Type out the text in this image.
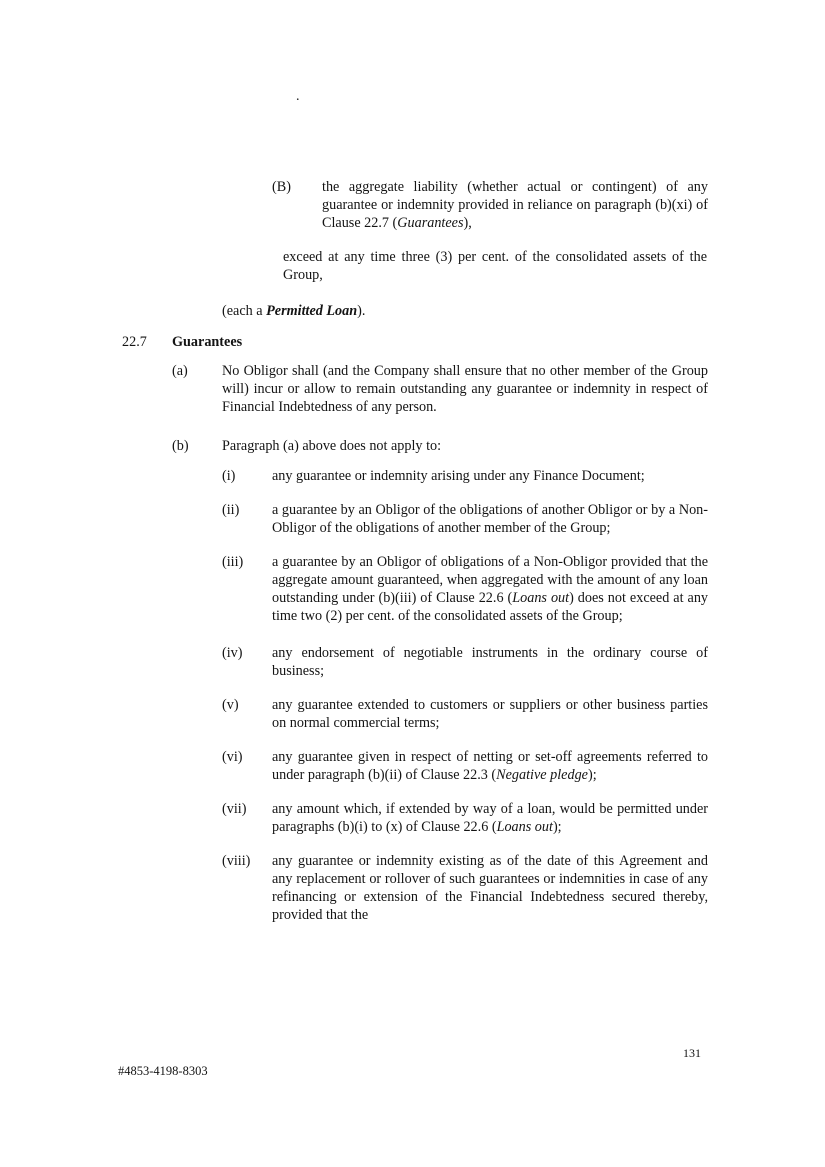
.
(B)	the aggregate liability (whether actual or contingent) of any guarantee or indemnity provided in reliance on paragraph (b)(xi) of Clause 22.7 (Guarantees),
exceed at any time three (3) per cent. of the consolidated assets of the Group,
(each a Permitted Loan).
22.7	Guarantees
(a)	No Obligor shall (and the Company shall ensure that no other member of the Group will) incur or allow to remain outstanding any guarantee or indemnity in respect of Financial Indebtedness of any person.
(b)	Paragraph (a) above does not apply to:
(i)	any guarantee or indemnity arising under any Finance Document;
(ii)	a guarantee by an Obligor of the obligations of another Obligor or by a Non-Obligor of the obligations of another member of the Group;
(iii)	a guarantee by an Obligor of obligations of a Non-Obligor provided that the aggregate amount guaranteed, when aggregated with the amount of any loan outstanding under (b)(iii) of Clause 22.6 (Loans out) does not exceed at any time two (2) per cent. of the consolidated assets of the Group;
(iv)	any endorsement of negotiable instruments in the ordinary course of business;
(v)	any guarantee extended to customers or suppliers or other business parties on normal commercial terms;
(vi)	any guarantee given in respect of netting or set-off agreements referred to under paragraph (b)(ii) of Clause 22.3 (Negative pledge);
(vii)	any amount which, if extended by way of a loan, would be permitted under paragraphs (b)(i) to (x) of Clause 22.6 (Loans out);
(viii)	any guarantee or indemnity existing as of the date of this Agreement and any replacement or rollover of such guarantees or indemnities in case of any refinancing or extension of the Financial Indebtedness secured thereby, provided that the
131
#4853-4198-8303
